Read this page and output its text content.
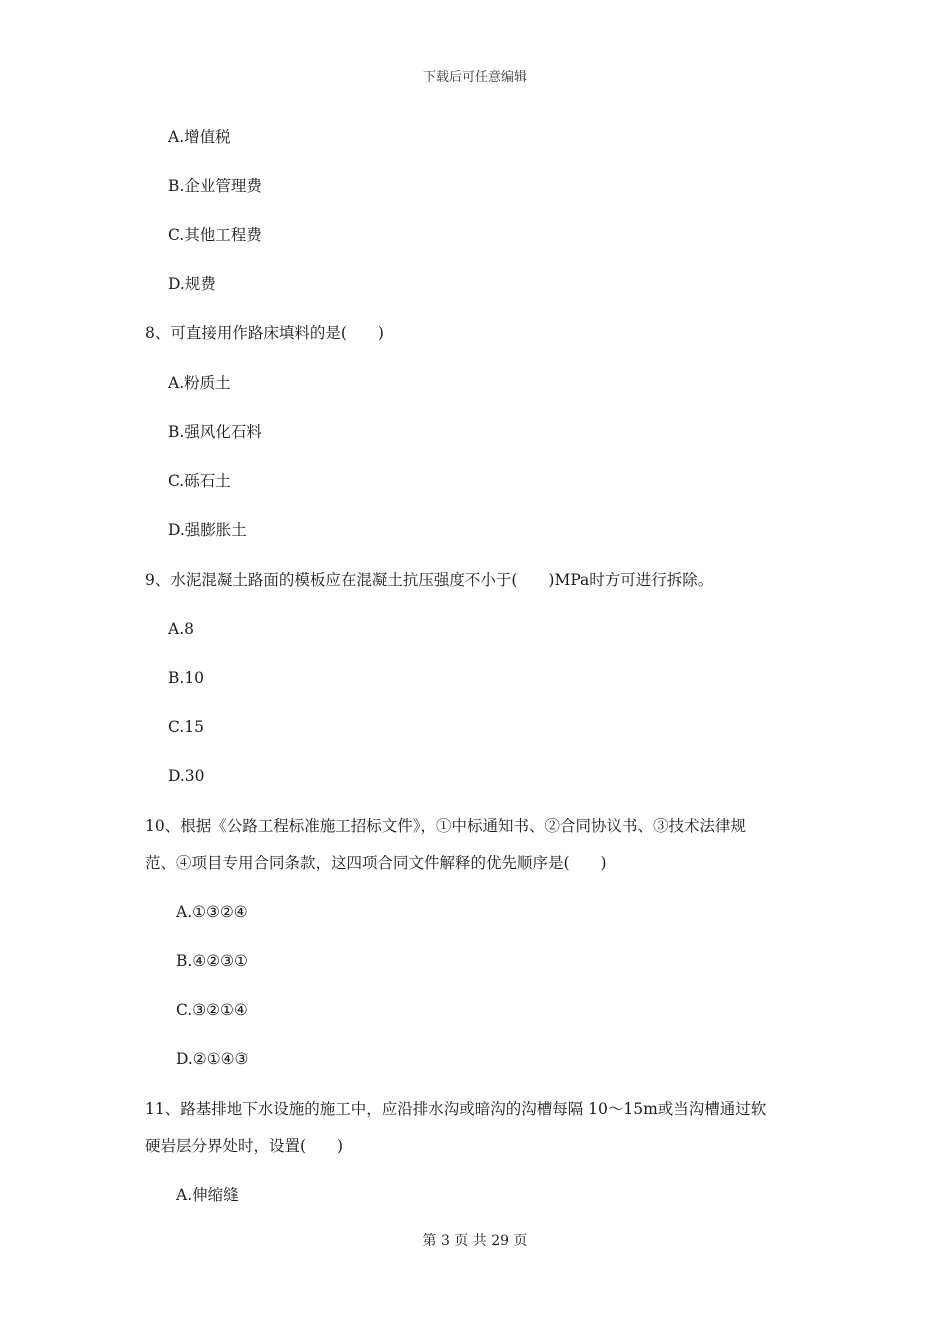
下载后可任意编辑
A.增值税
B.企业管理费
C.其他工程费
D.规费
8、可直接用作路床填料的是(　　)
A.粉质土
B.强风化石料
C.砾石土
D.强膨胀土
9、水泥混凝土路面的模板应在混凝土抗压强度不小于(　　)MPa时方可进行拆除。
A.8
B.10
C.15
D.30
10、根据《公路工程标准施工招标文件》，①中标通知书、②合同协议书、③技术法律规
范、④项目专用合同条款，这四项合同文件解释的优先顺序是(　　)
A.①③②④
B.④②③①
C.③②①④
D.②①④③
11、路基排地下水设施的施工中，应沿排水沟或暗沟的沟槽每隔 10～15m或当沟槽通过软
硬岩层分界处时，设置(　　)
A.伸缩缝
第 3 页 共 29 页
